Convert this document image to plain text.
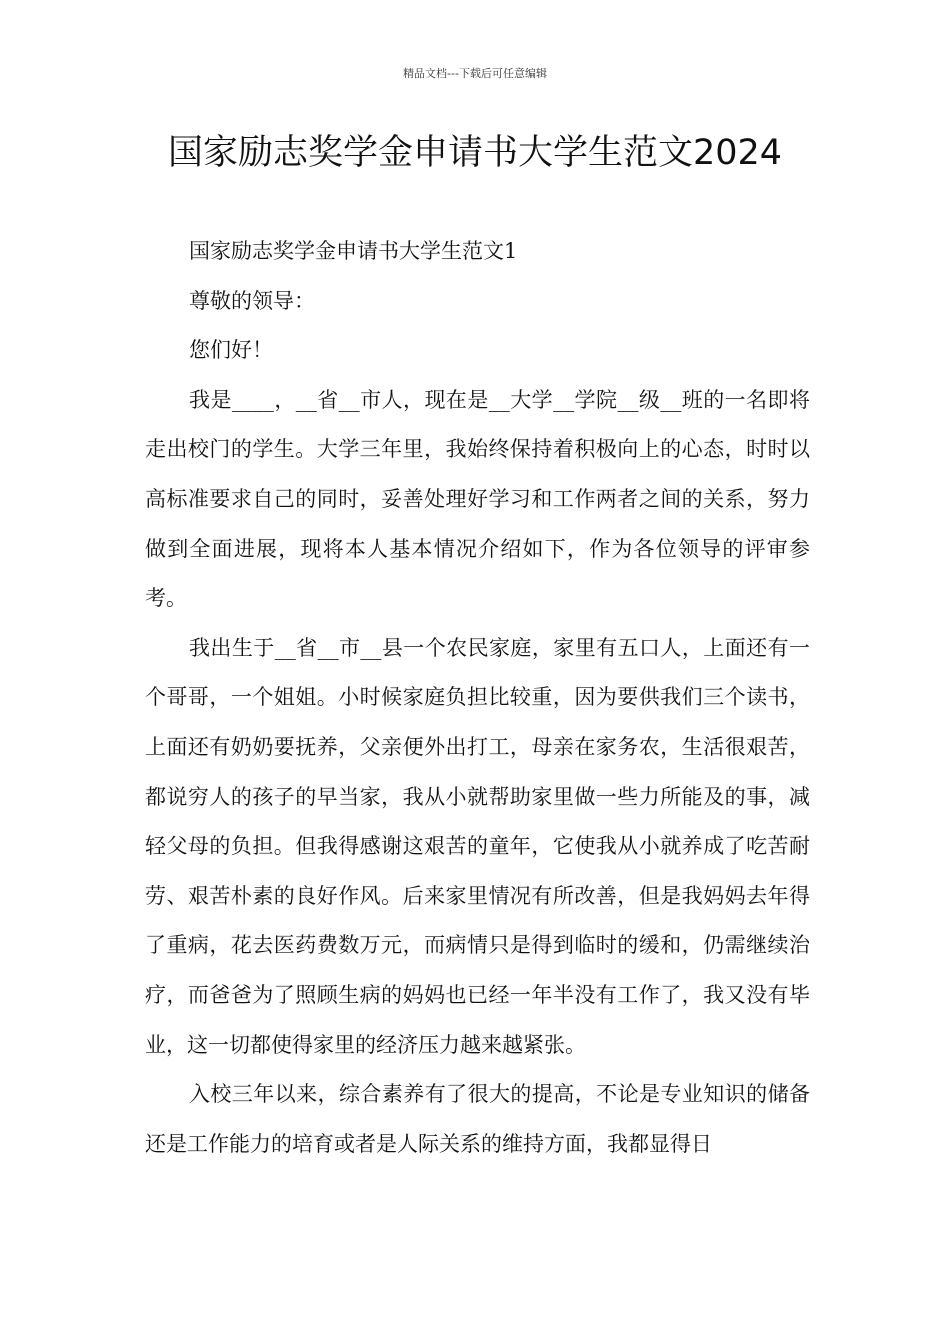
精品文档---下载后可任意编辑
国家励志奖学金申请书大学生范文2024

国家励志奖学金申请书大学生范文1

尊敬的领导：

您们好！

我是____，__省__市人，现在是__大学__学院__级__班的一名即将走出校门的学生。大学三年里，我始终保持着积极向上的心态，时时以高标准要求自己的同时，妥善处理好学习和工作两者之间的关系，努力做到全面进展，现将本人基本情况介绍如下，作为各位领导的评审参考。

我出生于__省__市__县一个农民家庭，家里有五口人，上面还有一个哥哥，一个姐姐。小时候家庭负担比较重，因为要供我们三个读书，上面还有奶奶要抚养，父亲便外出打工，母亲在家务农，生活很艰苦，都说穷人的孩子的早当家，我从小就帮助家里做一些力所能及的事，减轻父母的负担。但我得感谢这艰苦的童年，它使我从小就养成了吃苦耐劳、艰苦朴素的良好作风。后来家里情况有所改善，但是我妈妈去年得了重病，花去医药费数万元，而病情只是得到临时的缓和，仍需继续治疗，而爸爸为了照顾生病的妈妈也已经一年半没有工作了，我又没有毕业，这一切都使得家里的经济压力越来越紧张。

入校三年以来，综合素养有了很大的提高，不论是专业知识的储备还是工作能力的培育或者是人际关系的维持方面，我都显得日
